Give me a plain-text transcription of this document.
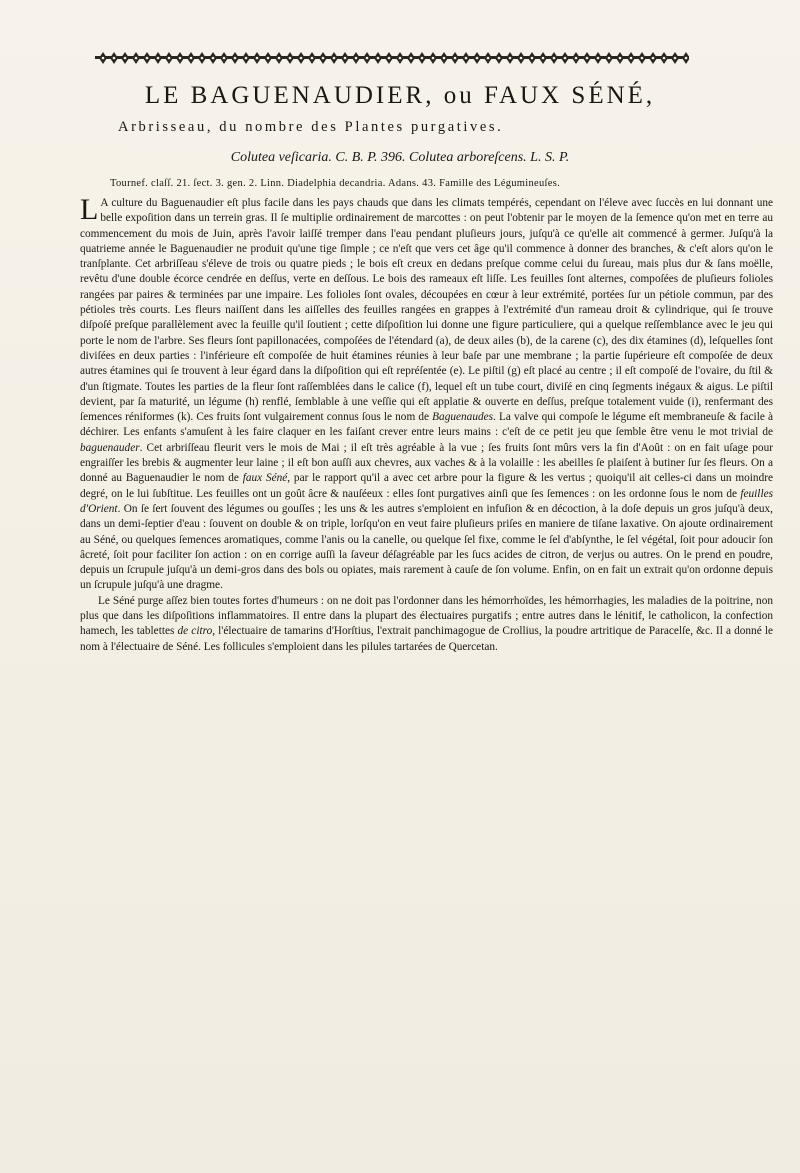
LE BAGUENAUDIER, ou FAUX SÉNÉ,
Arbrisseau, du nombre des Plantes purgatives.
Colutea veſicaria. C. B. P. 396. Colutea arboreſcens. L. S. P.
Tournef. claſſ. 21. ſect. 3. gen. 2. Linn. Diadelphia decandria. Adans. 43. Famille des Légumineuſes.

L A culture du Baguenaudier eſt plus facile dans les pays chauds que dans les climats tempérés, cependant on l'éleve avec ſuccès en lui donnant une belle expoſition dans un terrein gras. Il ſe multiplie ordinairement de marcottes : on peut l'obtenir par le moyen de la ſemence qu'on met en terre au commencement du mois de Juin, après l'avoir laiſſé tremper dans l'eau pendant pluſieurs jours, juſqu'à ce qu'elle ait commencé à germer. Juſqu'à la quatrieme année le Baguenaudier ne produit qu'une tige ſimple ; ce n'eſt que vers cet âge qu'il commence à donner des branches, & c'eſt alors qu'on le tranſplante. Cet arbriſſeau s'éleve de trois ou quatre pieds ; le bois eſt creux en dedans preſque comme celui du ſureau, mais plus dur & ſans moëlle, revêtu d'une double écorce cendrée en deſſus, verte en deſſous. Le bois des rameaux eſt liſſe. Les feuilles ſont alternes, compoſées de pluſieurs folioles rangées par paires & terminées par une impaire. Les folioles ſont ovales, découpées en cœur à leur extrémité, portées ſur un pétiole commun, par des pétioles très courts. Les fleurs naiſſent dans les aiſſelles des feuilles rangées en grappes à l'extrémité d'un rameau droit & cylindrique, qui ſe trouve diſpoſé preſque parallèlement avec la feuille qu'il ſoutient ; cette diſpoſition lui donne une figure particuliere, qui a quelque reſſemblance avec le jeu qui porte le nom de l'arbre. Ses fleurs ſont papillonacées, compoſées de l'étendard (a), de deux ailes (b), de la carene (c), des dix étamines (d), leſquelles ſont diviſées en deux parties : l'inférieure eſt compoſée de huit étamines réunies à leur baſe par une membrane ; la partie ſupérieure eſt compoſée de deux autres étamines qui ſe trouvent à leur égard dans la diſpoſition qui eſt repréſentée (e). Le piſtil (g) eſt placé au centre ; il eſt compoſé de l'ovaire, du ſtil & d'un ſtigmate. Toutes les parties de la fleur ſont raſſemblées dans le calice (f), lequel eſt un tube court, diviſé en cinq ſegments inégaux & aigus. Le piſtil devient, par ſa maturité, un légume (h) renflé, ſemblable à une veſſie qui eſt applatie & ouverte en deſſus, preſque totalement vuide (i), renfermant des ſemences réniformes (k). Ces fruits ſont vulgairement connus ſous le nom de Baguenaudes. La valve qui compoſe le légume eſt membraneuſe & facile à déchirer. Les enfants s'amuſent à les faire claquer en les faiſant crever entre leurs mains : c'eſt de ce petit jeu que ſemble être venu le mot trivial de baguenauder. Cet arbriſſeau fleurit vers le mois de Mai ; il eſt très agréable à la vue ; ſes fruits ſont mûrs vers la fin d'Août : on en fait uſage pour engraiſſer les brebis & augmenter leur laine ; il eſt bon auſſi aux chevres, aux vaches & à la volaille : les abeilles ſe plaiſent à butiner ſur ſes fleurs. On a donné au Baguenaudier le nom de faux Séné, par le rapport qu'il a avec cet arbre pour la figure & les vertus ; quoiqu'il ait celles-ci dans un moindre degré, on le lui ſubſtitue. Les feuilles ont un goût âcre & nauſéeux : elles ſont purgatives ainſi que ſes ſemences : on les ordonne ſous le nom de feuilles d'Orient. On ſe ſert ſouvent des légumes ou gouſſes ; les uns & les autres s'emploient en infuſion & en décoction, à la doſe depuis un gros juſqu'à deux, dans un demi-ſeptier d'eau : ſouvent on double & on triple, lorſqu'on en veut faire pluſieurs priſes en maniere de tiſane laxative. On ajoute ordinairement au Séné, ou quelques ſemences aromatiques, comme l'anis ou la canelle, ou quelque ſel fixe, comme le ſel d'abſynthe, le ſel végétal, ſoit pour adoucir ſon âcreté, ſoit pour faciliter ſon action : on en corrige auſſi la ſaveur déſagréable par les ſucs acides de citron, de verjus ou autres. On le prend en poudre, depuis un ſcrupule juſqu'à un demi-gros dans des bols ou opiates, mais rarement à cauſe de ſon volume. Enfin, on en fait un extrait qu'on ordonne depuis un ſcrupule juſqu'à une dragme.

Le Séné purge aſſez bien toutes fortes d'humeurs : on ne doit pas l'ordonner dans les hémorrhoïdes, les hémorrhagies, les maladies de la poitrine, non plus que dans les diſpoſitions inflammatoires. Il entre dans la plupart des électuaires purgatifs ; entre autres dans le lénitif, le catholicon, la confection hamech, les tablettes de citro, l'électuaire de tamarins d'Horſtius, l'extrait panchimagogue de Crollius, la poudre artritique de Paracelſe, &c. Il a donné le nom à l'électuaire de Séné. Les follicules s'emploient dans les pilules tartarées de Quercetan.
